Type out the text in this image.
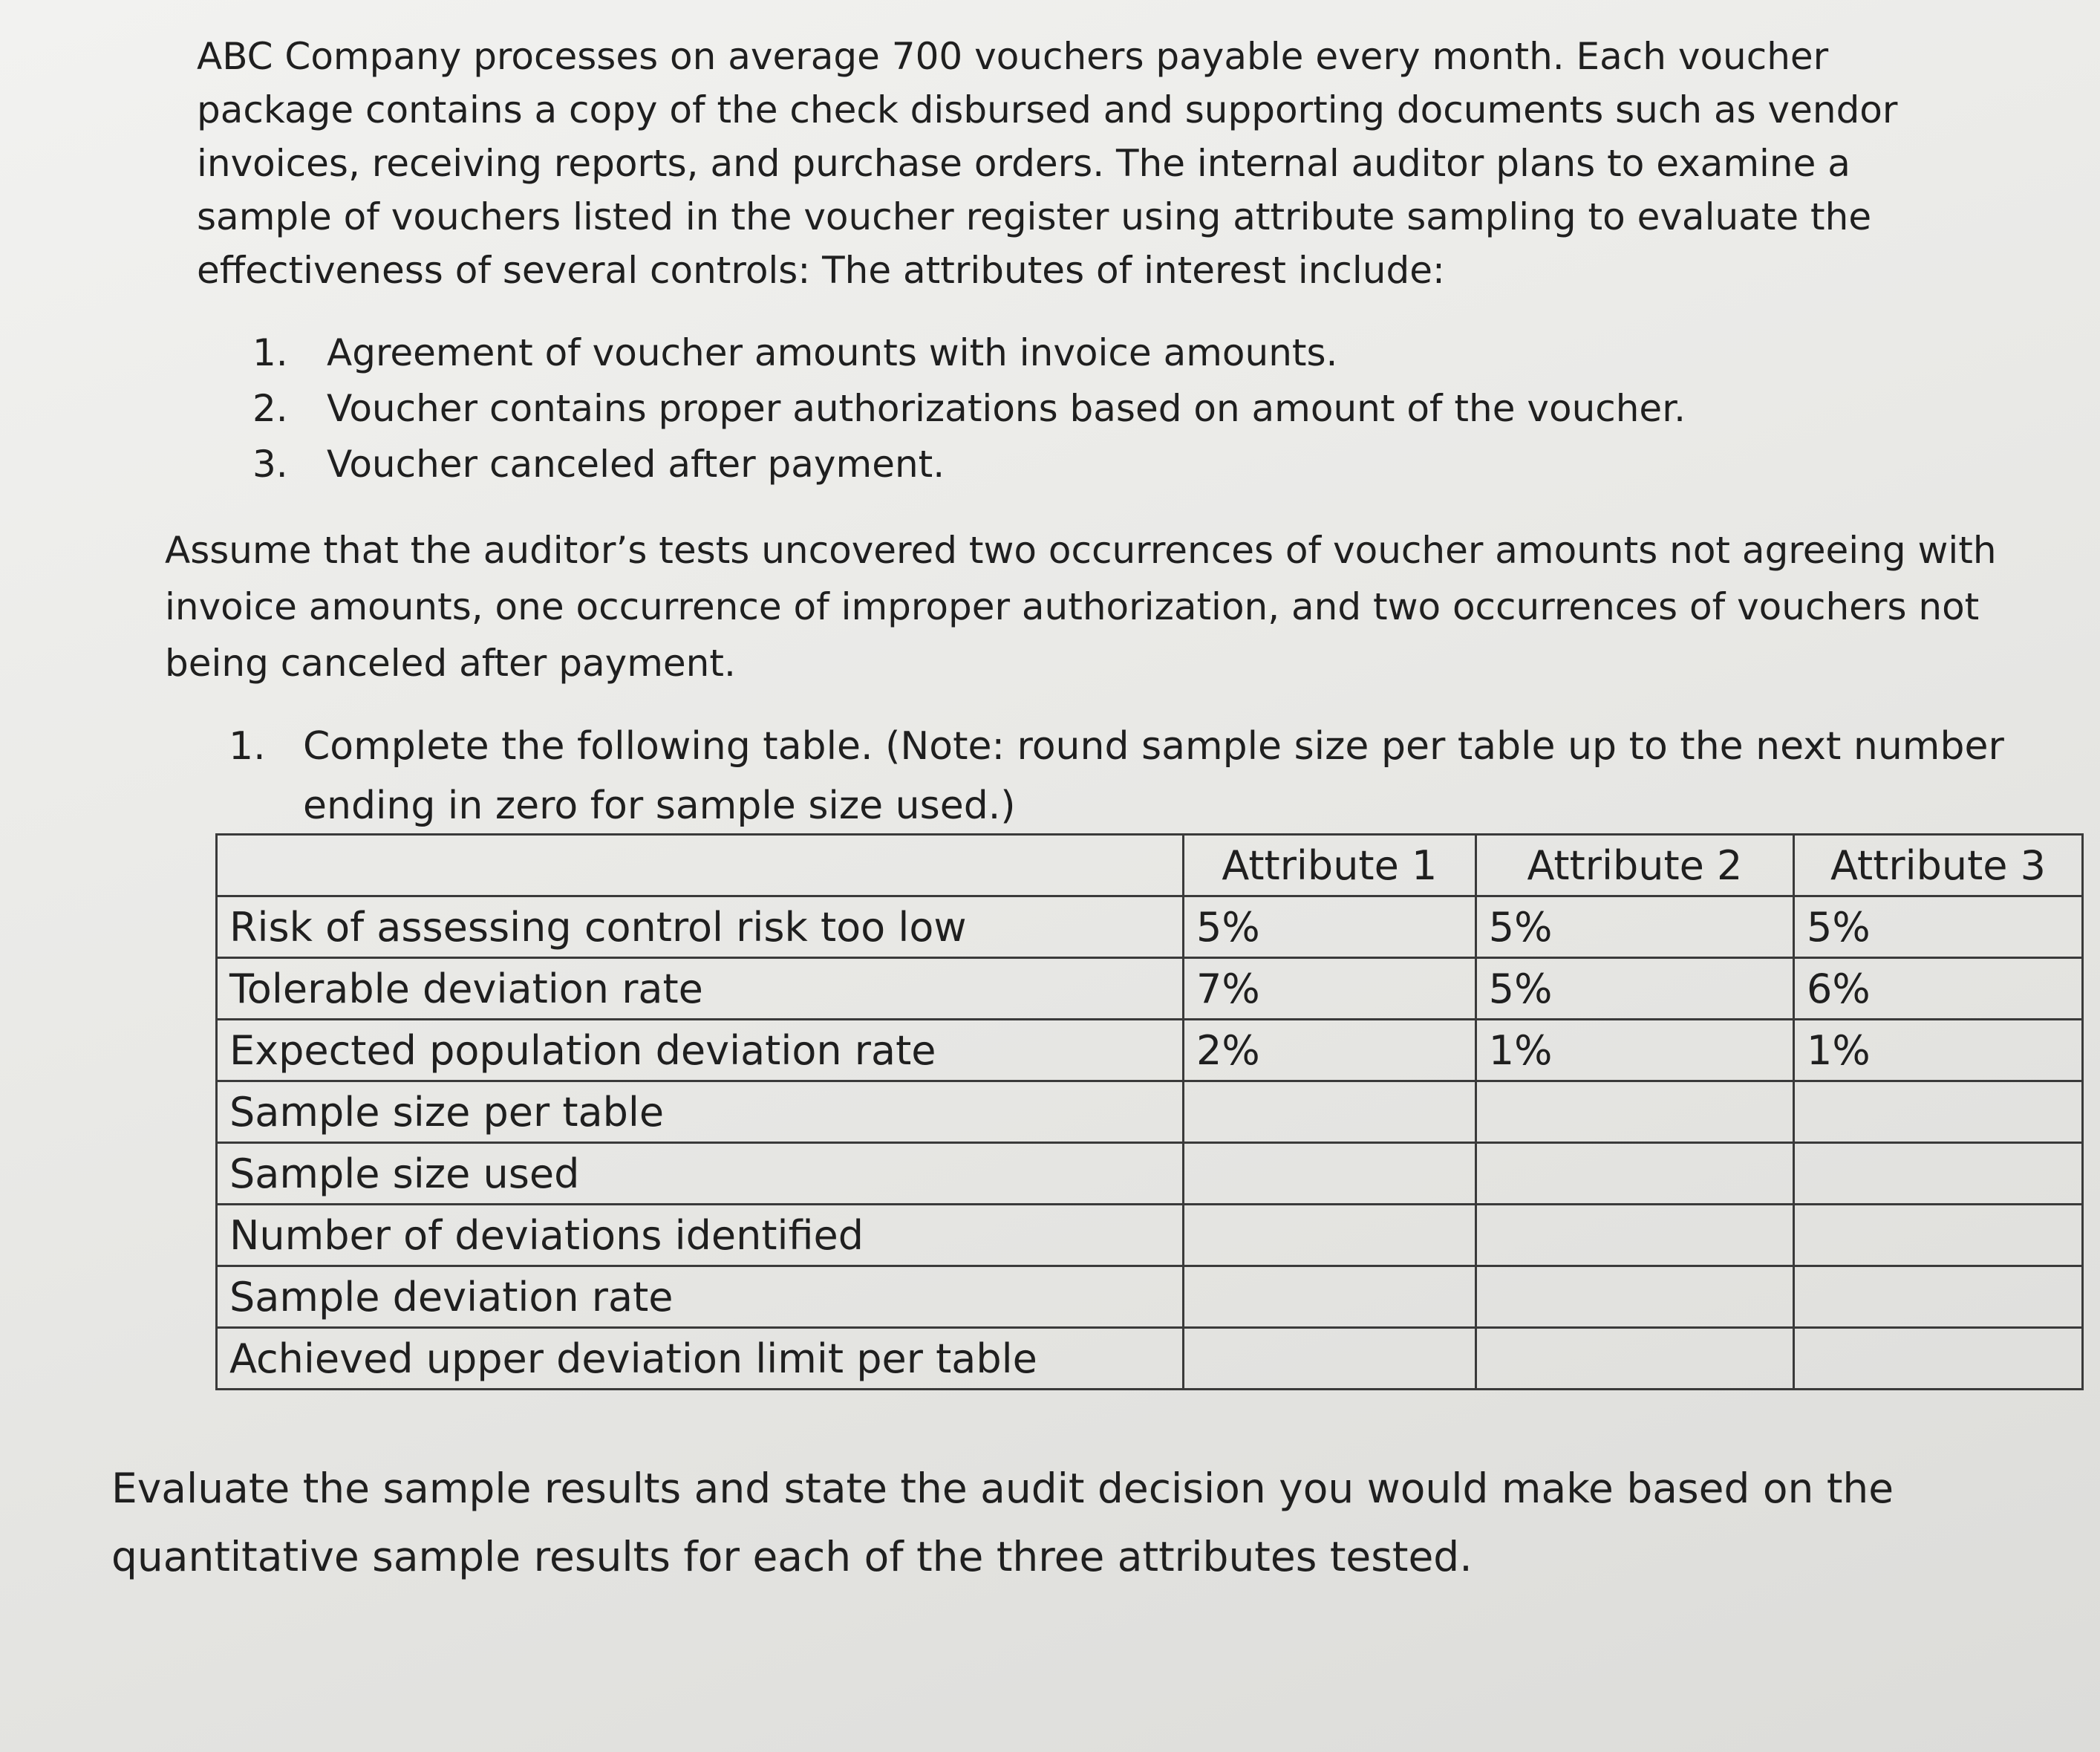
ABC Company processes on average 700 vouchers payable every month. Each voucher package contains a copy of the check disbursed and supporting documents such as vendor invoices, receiving reports, and purchase orders. The internal auditor plans to examine a sample of vouchers listed in the voucher register using attribute sampling to evaluate the effectiveness of several controls: The attributes of interest include:

1.	Agreement of voucher amounts with invoice amounts.
2.	Voucher contains proper authorizations based on amount of the voucher.
3.	Voucher canceled after payment.

Assume that the auditor’s tests uncovered two occurrences of voucher amounts not agreeing with invoice amounts, one occurrence of improper authorization, and two occurrences of vouchers not being canceled after payment.

1. Complete the following table. (Note: round sample size per table up to the next number ending in zero for sample size used.)
	Attribute 1	Attribute 2	Attribute 3
Risk of assessing control risk too low	5%	5%	5%
Tolerable deviation rate	7%	5%	6%
Expected population deviation rate	2%	1%	1%
Sample size per table			
Sample size used			
Number of deviations identified			
Sample deviation rate			
Achieved upper deviation limit per table			

Evaluate the sample results and state the audit decision you would make based on the quantitative sample results for each of the three attributes tested.
